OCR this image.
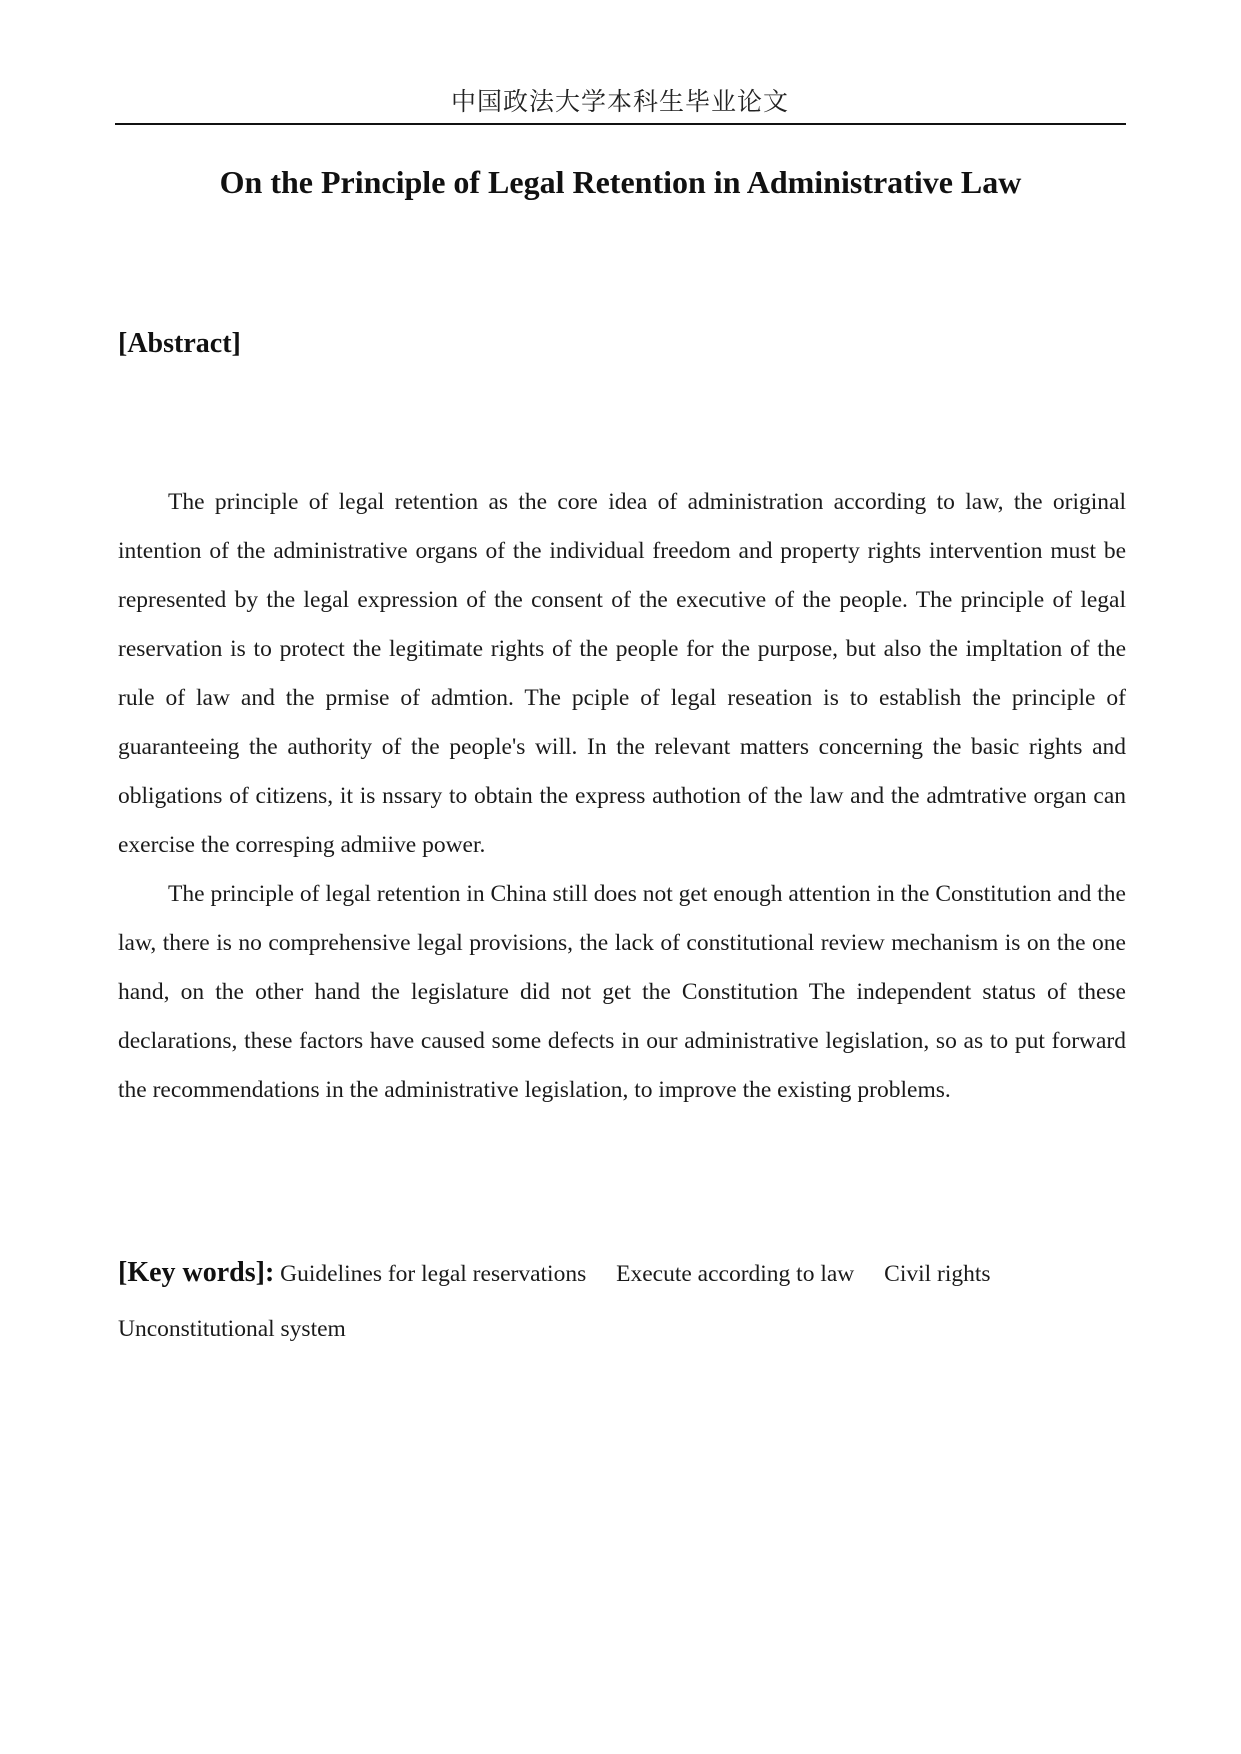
中国政法大学本科生毕业论文
On the Principle of Legal Retention in Administrative Law
[Abstract]

The principle of legal retention as the core idea of administration according to law, the original intention of the administrative organs of the individual freedom and property rights intervention must be represented by the legal expression of the consent of the executive of the people. The principle of legal reservation is to protect the legitimate rights of the people for the purpose, but also the impltation of the rule of law and the prmise of admtion. The pciple of legal reseation is to establish the principle of guaranteeing the authority of the people's will. In the relevant matters concerning the basic rights and obligations of citizens, it is nssary to obtain the express authotion of the law and the admtrative organ can exercise the corresping admiive power.

The principle of legal retention in China still does not get enough attention in the Constitution and the law, there is no comprehensive legal provisions, the lack of constitutional review mechanism is on the one hand, on the other hand the legislature did not get the Constitution The independent status of these declarations, these factors have caused some defects in our administrative legislation, so as to put forward the recommendations in the administrative legislation, to improve the existing problems.

[Key words]: Guidelines for legal reservations Execute according to law Civil rights
Unconstitutional system
